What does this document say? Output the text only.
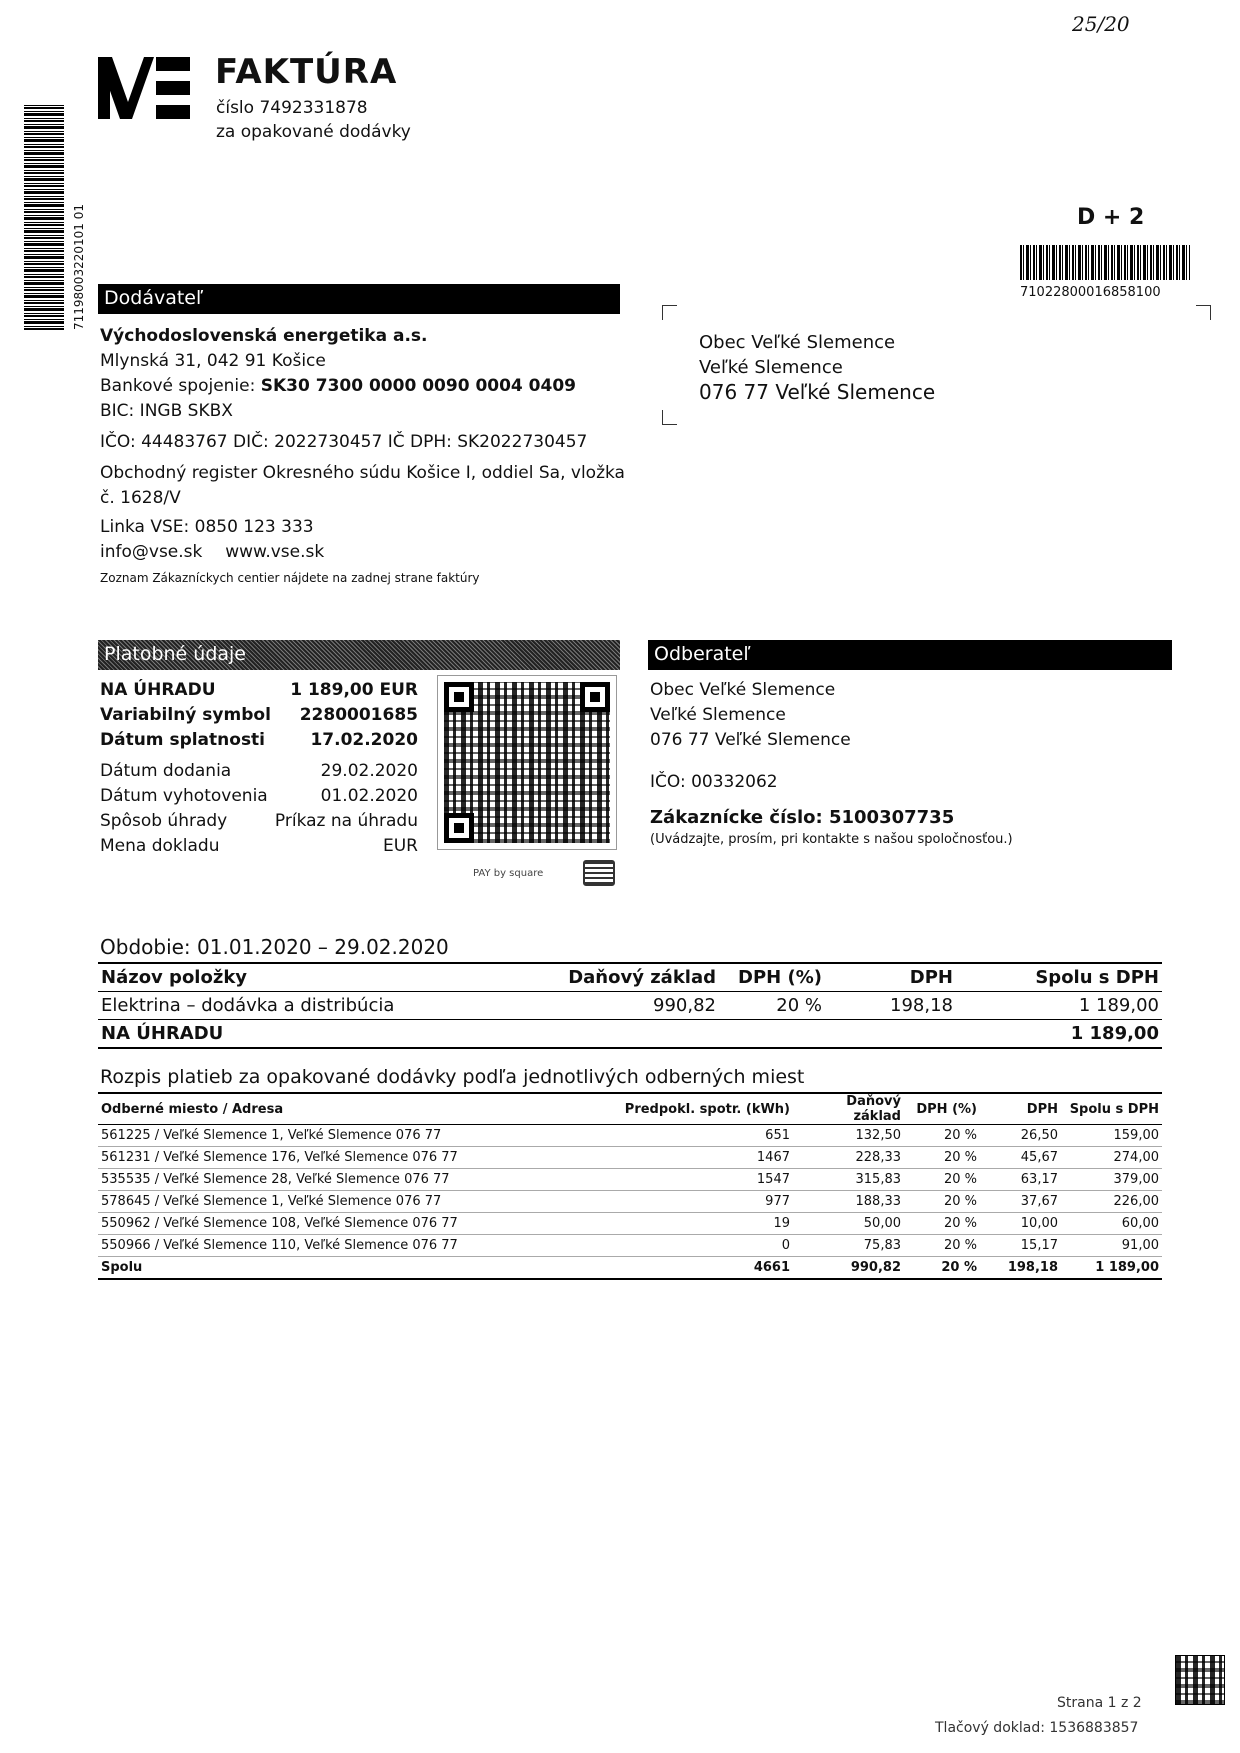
25/20
71198003220101 01
FAKTÚRA
číslo 7492331878
za opakované dodávky
D + 2
71022800016858100
Dodávateľ
Východoslovenská energetika a.s.
Mlynská 31, 042 91 Košice
Bankové spojenie: SK30 7300 0000 0090 0004 0409
BIC: INGB SKBX
IČO: 44483767 DIČ: 2022730457 IČ DPH: SK2022730457
Obchodný register Okresného súdu Košice I, oddiel Sa, vložka
č. 1628/V
Linka VSE: 0850 123 333
info@vse.sk www.vse.sk
Zoznam Zákazníckych centier nájdete na zadnej strane faktúry
Obec Veľké Slemence
Veľké Slemence
076 77 Veľké Slemence
Platobné údaje
NA ÚHRADU	1 189,00 EUR
Variabilný symbol 2280001685
Dátum splatnosti	17.02.2020
Dátum dodania	29.02.2020
Dátum vyhotovenia	01.02.2020
Spôsob úhrady	Príkaz na úhradu
Mena dokladu	EUR
PAY by square
Odberateľ
Obec Veľké Slemence
Veľké Slemence
076 77 Veľké Slemence
IČO: 00332062
Zákaznícke číslo: 5100307735
(Uvádzajte, prosím, pri kontakte s našou spoločnosťou.)
Obdobie: 01.01.2020 – 29.02.2020
Názov položky	Daňový základ	DPH (%)	DPH	Spolu s DPH
Elektrina – dodávka a distribúcia	990,82	20 %	198,18	1 189,00
NA ÚHRADU				1 189,00
Rozpis platieb za opakované dodávky podľa jednotlivých odberných miest
Odberné miesto / Adresa	Predpokl. spotr. (kWh)	Daňový základ	DPH (%)	DPH	Spolu s DPH
561225 / Veľké Slemence 1, Veľké Slemence 076 77	651	132,50	20 %	26,50	159,00
561231 / Veľké Slemence 176, Veľké Slemence 076 77	1467	228,33	20 %	45,67	274,00
535535 / Veľké Slemence 28, Veľké Slemence 076 77	1547	315,83	20 %	63,17	379,00
578645 / Veľké Slemence 1, Veľké Slemence 076 77	977	188,33	20 %	37,67	226,00
550962 / Veľké Slemence 108, Veľké Slemence 076 77	19	50,00	20 %	10,00	60,00
550966 / Veľké Slemence 110, Veľké Slemence 076 77	0	75,83	20 %	15,17	91,00
Spolu	4661	990,82	20 %	198,18	1 189,00
Strana 1 z 2
Tlačový doklad: 1536883857
